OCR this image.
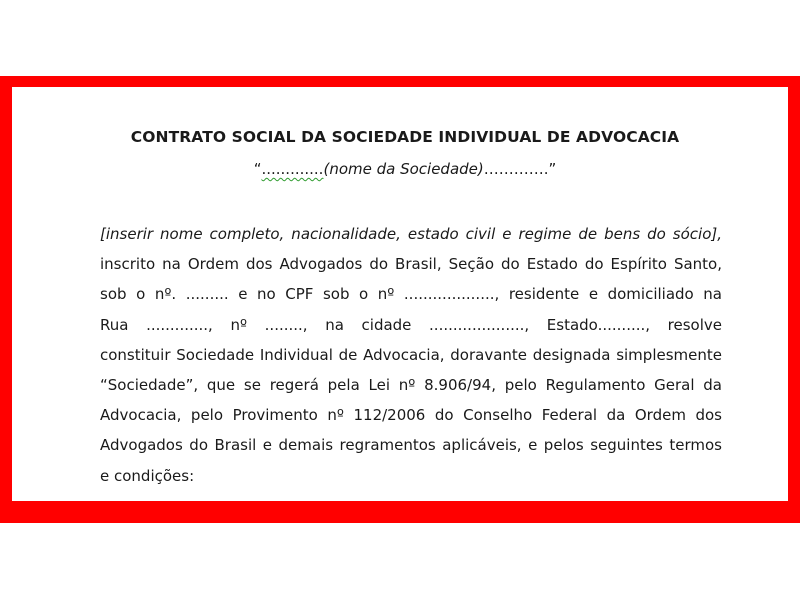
CONTRATO SOCIAL DA SOCIEDADE INDIVIDUAL DE ADVOCACIA
“.............(nome da Sociedade)………….”
[inserir nome completo, nacionalidade, estado civil e regime de bens do sócio],
inscrito na Ordem dos Advogados do Brasil, Seção do Estado do Espírito Santo,
sob o nº. ......... e no CPF sob o nº ..................., residente e domiciliado na
Rua ............., nº ........, na cidade ...................., Estado.........., resolve
constituir Sociedade Individual de Advocacia, doravante designada simplesmente
“Sociedade”, que se regerá pela Lei nº 8.906/94, pelo Regulamento Geral da
Advocacia, pelo Provimento nº 112/2006 do Conselho Federal da Ordem dos
Advogados do Brasil e demais regramentos aplicáveis, e pelos seguintes termos
e condições:
